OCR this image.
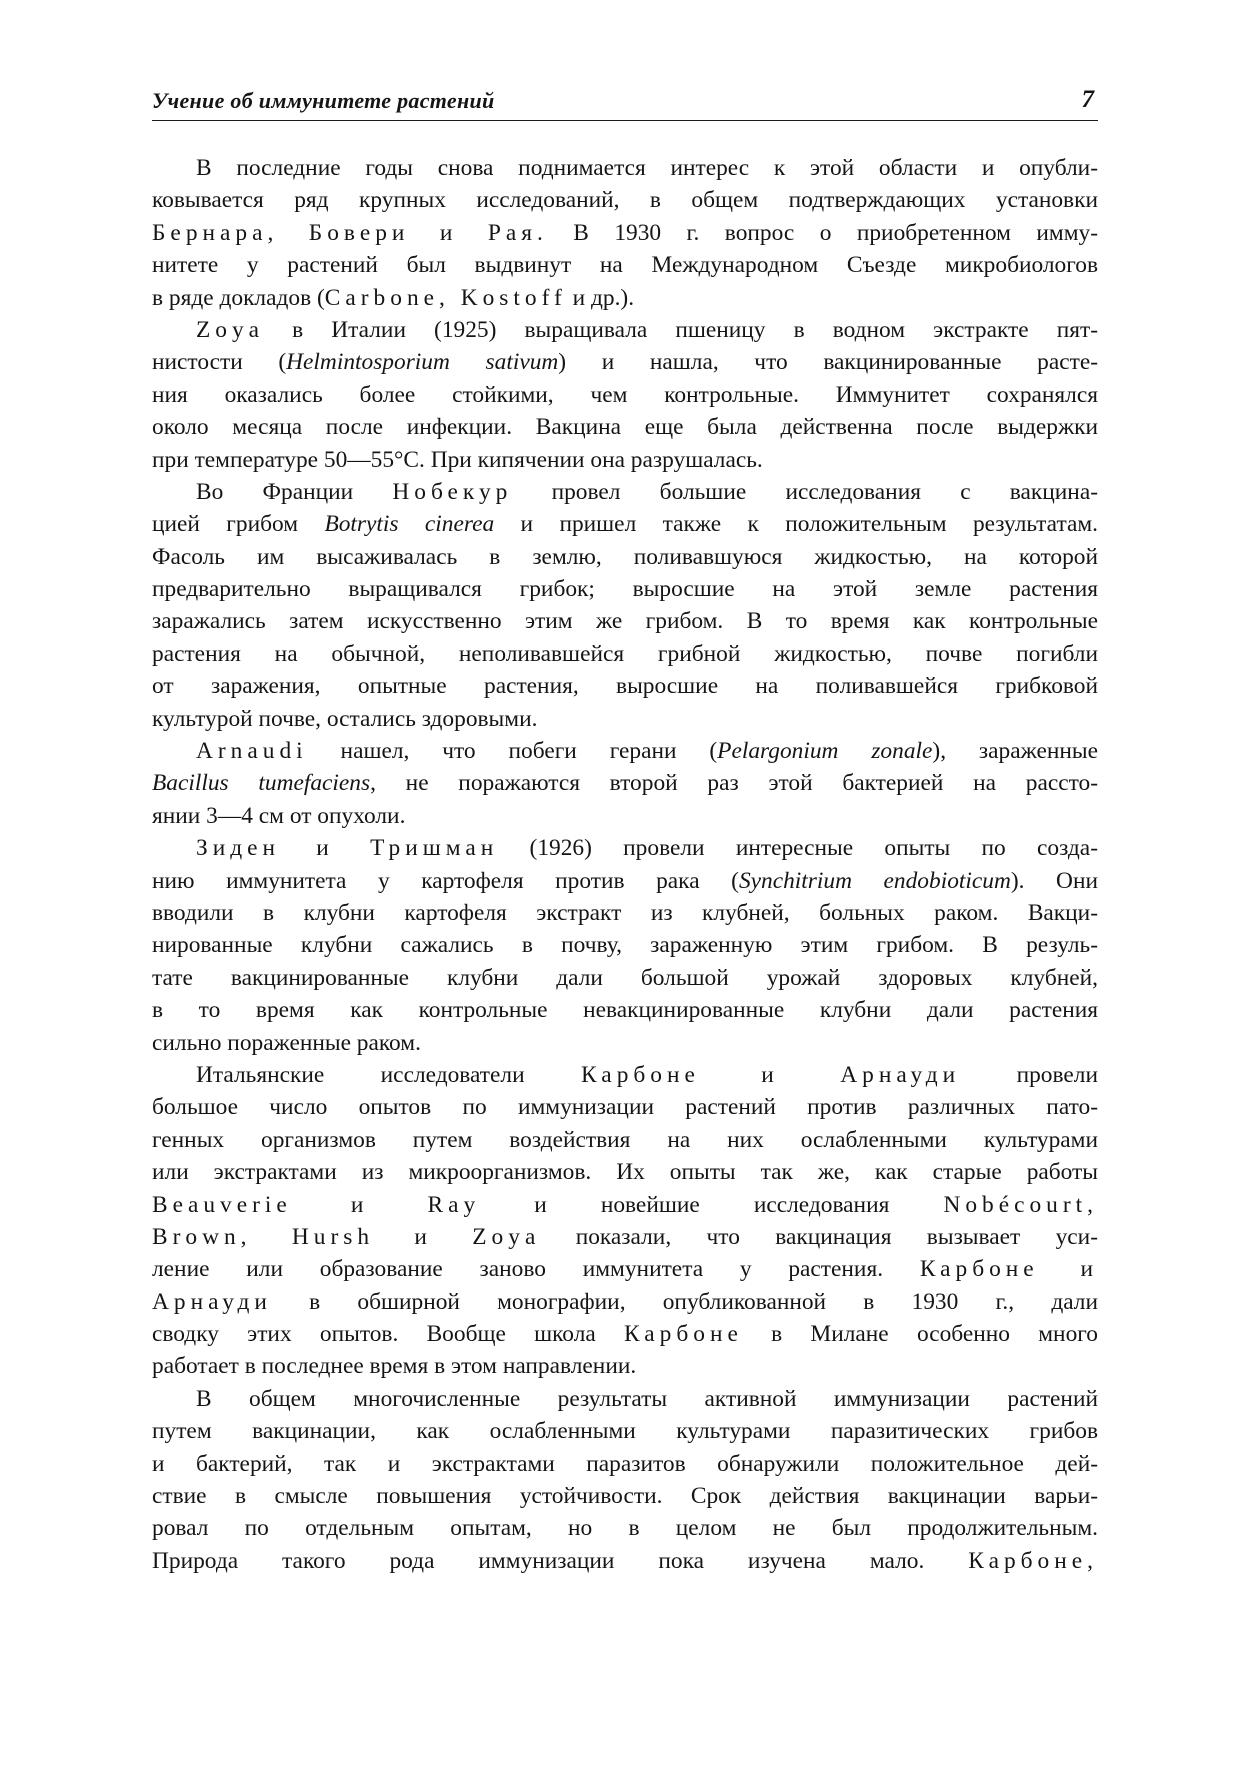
Учение об иммунитете растений	7
В последние годы снова поднимается интерес к этой области и опубли-
ковывается ряд крупных исследований, в общем подтверждающих установки
Бернара, Бовери и Рая. В 1930 г. вопрос о приобретенном имму-
нитете у растений был выдвинут на Международном Съезде микробиологов
в ряде докладов (Carbone, Kostoff и др.).
Zoya в Италии (1925) выращивала пшеницу в водном экстракте пят-
нистости (Helmintosporium sativum) и нашла, что вакцинированные расте-
ния оказались более стойкими, чем контрольные. Иммунитет сохранялся
около месяца после инфекции. Вакцина еще была действенна после выдержки
при температуре 50—55°C. При кипячении она разрушалась.
Во Франции Нобекур провел большие исследования с вакцина-
цией грибом Botrytis cinerea и пришел также к положительным результатам.
Фасоль им высаживалась в землю, поливавшуюся жидкостью, на которой
предварительно выращивался грибок; выросшие на этой земле растения
заражались затем искусственно этим же грибом. В то время как контрольные
растения на обычной, неполивавшейся грибной жидкостью, почве погибли
от заражения, опытные растения, выросшие на поливавшейся грибковой
культурой почве, остались здоровыми.
Arnaudi нашел, что побеги герани (Pelargonium zonale), зараженные
Bacillus tumefaciens, не поражаются второй раз этой бактерией на рассто-
янии 3—4 см от опухоли.
Зиден и Тришман (1926) провели интересные опыты по созда-
нию иммунитета у картофеля против рака (Synchitrium endobioticum). Они
вводили в клубни картофеля экстракт из клубней, больных раком. Вакци-
нированные клубни сажались в почву, зараженную этим грибом. В резуль-
тате вакцинированные клубни дали большой урожай здоровых клубней,
в то время как контрольные невакцинированные клубни дали растения
сильно пораженные раком.
Итальянские исследователи Карбоне и Арнауди провели
большое число опытов по иммунизации растений против различных пато-
генных организмов путем воздействия на них ослабленными культурами
или экстрактами из микроорганизмов. Их опыты так же, как старые работы
Beauverie и Ray и новейшие исследования Nobécourt,
Brown, Hursh и Zoya показали, что вакцинация вызывает уси-
ление или образование заново иммунитета у растения. Карбоне и
Арнауди в обширной монографии, опубликованной в 1930 г., дали
сводку этих опытов. Вообще школа Карбоне в Милане особенно много
работает в последнее время в этом направлении.
В общем многочисленные результаты активной иммунизации растений
путем вакцинации, как ослабленными культурами паразитических грибов
и бактерий, так и экстрактами паразитов обнаружили положительное дей-
ствие в смысле повышения устойчивости. Срок действия вакцинации варьи-
ровал по отдельным опытам, но в целом не был продолжительным.
Природа такого рода иммунизации пока изучена мало. Карбоне,
